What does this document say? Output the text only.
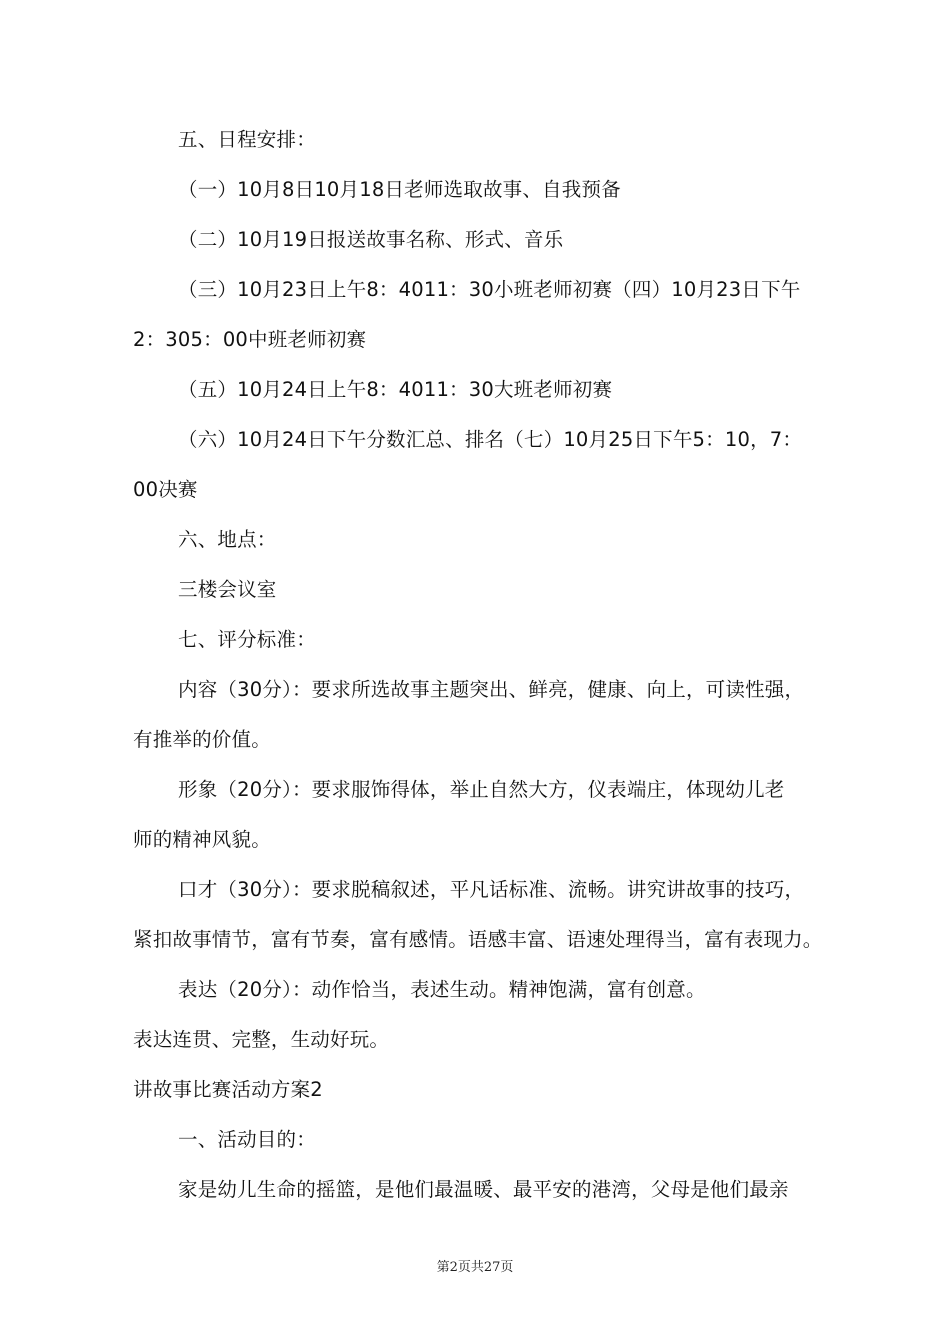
五、日程安排：
（一）10月8日10月18日老师选取故事、自我预备
（二）10月19日报送故事名称、形式、音乐
（三）10月23日上午8：4011：30小班老师初赛（四）10月23日下午
2：305：00中班老师初赛
（五）10月24日上午8：4011：30大班老师初赛
（六）10月24日下午分数汇总、排名（七）10月25日下午5：10，7：
00决赛
六、地点：
三楼会议室
七、评分标准：
内容（30分）：要求所选故事主题突出、鲜亮，健康、向上，可读性强，
有推举的价值。
形象（20分）：要求服饰得体，举止自然大方，仪表端庄，体现幼儿老
师的精神风貌。
口才（30分）：要求脱稿叙述，平凡话标准、流畅。讲究讲故事的技巧，
紧扣故事情节，富有节奏，富有感情。语感丰富、语速处理得当，富有表现力。
表达（20分）：动作恰当，表述生动。精神饱满，富有创意。
表达连贯、完整，生动好玩。
讲故事比赛活动方案2
一、活动目的：
家是幼儿生命的摇篮，是他们最温暖、最平安的港湾，父母是他们最亲
第2页共27页
